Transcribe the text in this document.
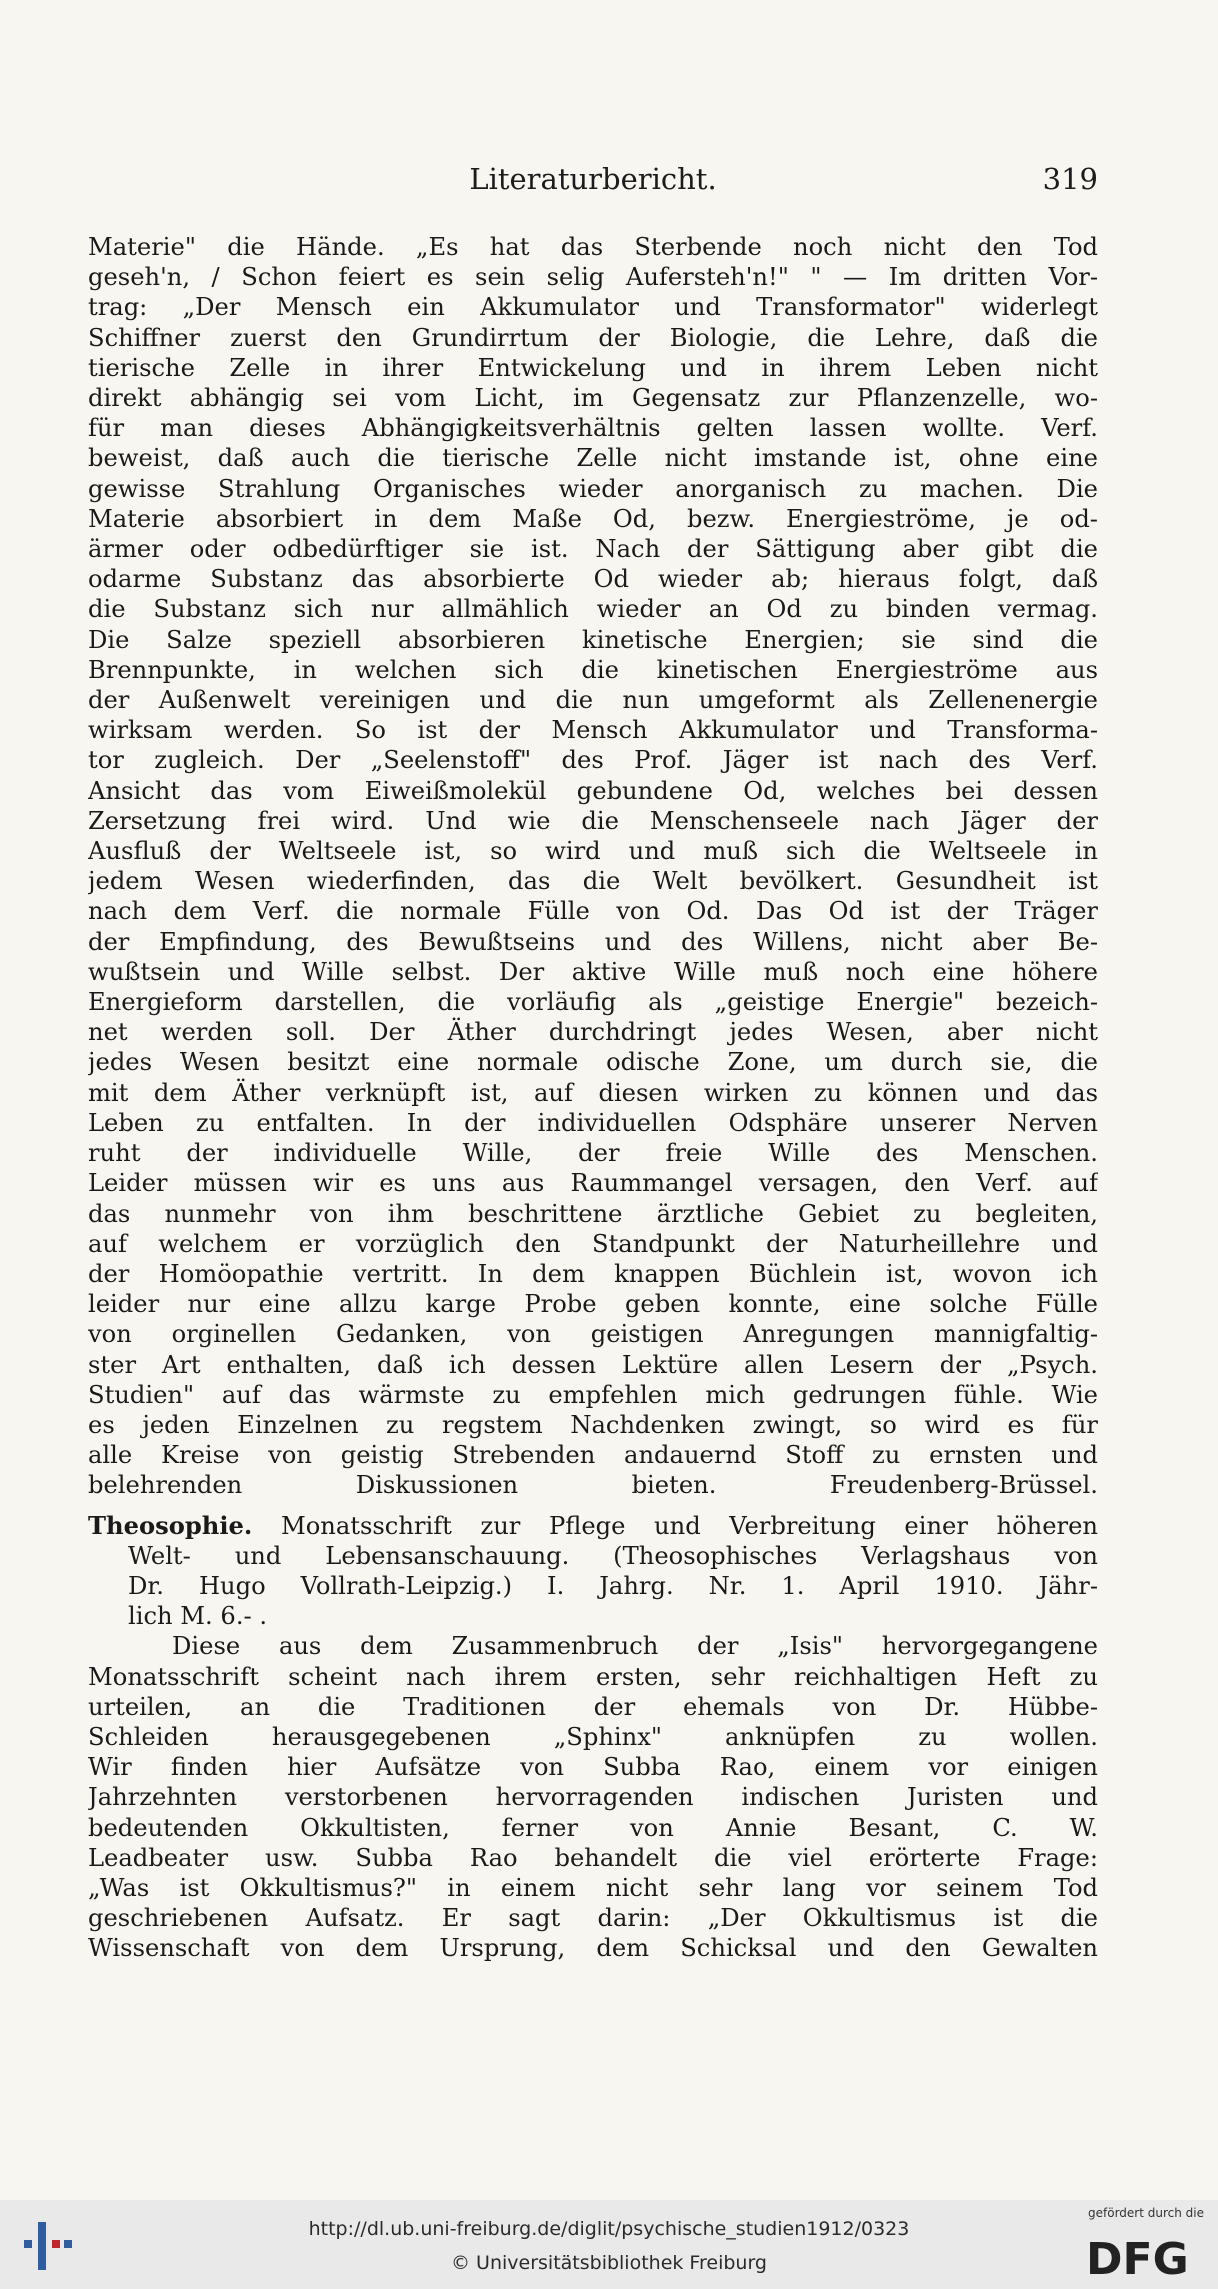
Literaturbericht.	319
Materie" die Hände. „Es hat das Sterbende noch nicht den Tod
geseh'n, / Schon feiert es sein selig Aufersteh'n!" " — Im dritten Vor-
trag: „Der Mensch ein Akkumulator und Transformator" widerlegt
Schiffner zuerst den Grundirrtum der Biologie, die Lehre, daß die
tierische Zelle in ihrer Entwickelung und in ihrem Leben nicht
direkt abhängig sei vom Licht, im Gegensatz zur Pflanzenzelle, wo-
für man dieses Abhängigkeitsverhältnis gelten lassen wollte. Verf.
beweist, daß auch die tierische Zelle nicht imstande ist, ohne eine
gewisse Strahlung Organisches wieder anorganisch zu machen. Die
Materie absorbiert in dem Maße Od, bezw. Energieströme, je od-
ärmer oder odbedürftiger sie ist. Nach der Sättigung aber gibt die
odarme Substanz das absorbierte Od wieder ab; hieraus folgt, daß
die Substanz sich nur allmählich wieder an Od zu binden vermag.
Die Salze speziell absorbieren kinetische Energien; sie sind die
Brennpunkte, in welchen sich die kinetischen Energieströme aus
der Außenwelt vereinigen und die nun umgeformt als Zellenenergie
wirksam werden. So ist der Mensch Akkumulator und Transforma-
tor zugleich. Der „Seelenstoff" des Prof. Jäger ist nach des Verf.
Ansicht das vom Eiweißmolekül gebundene Od, welches bei dessen
Zersetzung frei wird. Und wie die Menschenseele nach Jäger der
Ausfluß der Weltseele ist, so wird und muß sich die Weltseele in
jedem Wesen wiederfinden, das die Welt bevölkert. Gesundheit ist
nach dem Verf. die normale Fülle von Od. Das Od ist der Träger
der Empfindung, des Bewußtseins und des Willens, nicht aber Be-
wußtsein und Wille selbst. Der aktive Wille muß noch eine höhere
Energieform darstellen, die vorläufig als „geistige Energie" bezeich-
net werden soll. Der Äther durchdringt jedes Wesen, aber nicht
jedes Wesen besitzt eine normale odische Zone, um durch sie, die
mit dem Äther verknüpft ist, auf diesen wirken zu können und das
Leben zu entfalten. In der individuellen Odsphäre unserer Nerven
ruht der individuelle Wille, der freie Wille des Menschen.
Leider müssen wir es uns aus Raummangel versagen, den Verf. auf
das nunmehr von ihm beschrittene ärztliche Gebiet zu begleiten,
auf welchem er vorzüglich den Standpunkt der Naturheillehre und
der Homöopathie vertritt. In dem knappen Büchlein ist, wovon ich
leider nur eine allzu karge Probe geben konnte, eine solche Fülle
von orginellen Gedanken, von geistigen Anregungen mannigfaltig-
ster Art enthalten, daß ich dessen Lektüre allen Lesern der „Psych.
Studien" auf das wärmste zu empfehlen mich gedrungen fühle. Wie
es jeden Einzelnen zu regstem Nachdenken zwingt, so wird es für
alle Kreise von geistig Strebenden andauernd Stoff zu ernsten und
belehrenden Diskussionen bieten. Freudenberg-Brüssel.
Theosophie. Monatsschrift zur Pflege und Verbreitung einer höheren
Welt- und Lebensanschauung. (Theosophisches Verlagshaus von
Dr. Hugo Vollrath-Leipzig.) I. Jahrg. Nr. 1. April 1910. Jähr-
lich M. 6.- .
Diese aus dem Zusammenbruch der „Isis" hervorgegangene
Monatsschrift scheint nach ihrem ersten, sehr reichhaltigen Heft zu
urteilen, an die Traditionen der ehemals von Dr. Hübbe-
Schleiden herausgegebenen „Sphinx" anknüpfen zu wollen.
Wir finden hier Aufsätze von Subba Rao, einem vor einigen
Jahrzehnten verstorbenen hervorragenden indischen Juristen und
bedeutenden Okkultisten, ferner von Annie Besant, C. W.
Leadbeater usw. Subba Rao behandelt die viel erörterte Frage:
„Was ist Okkultismus?" in einem nicht sehr lang vor seinem Tod
geschriebenen Aufsatz. Er sagt darin: „Der Okkultismus ist die
Wissenschaft von dem Ursprung, dem Schicksal und den Gewalten
http://dl.ub.uni-freiburg.de/diglit/psychische_studien1912/0323
© Universitätsbibliothek Freiburg
gefördert durch die
DFG
